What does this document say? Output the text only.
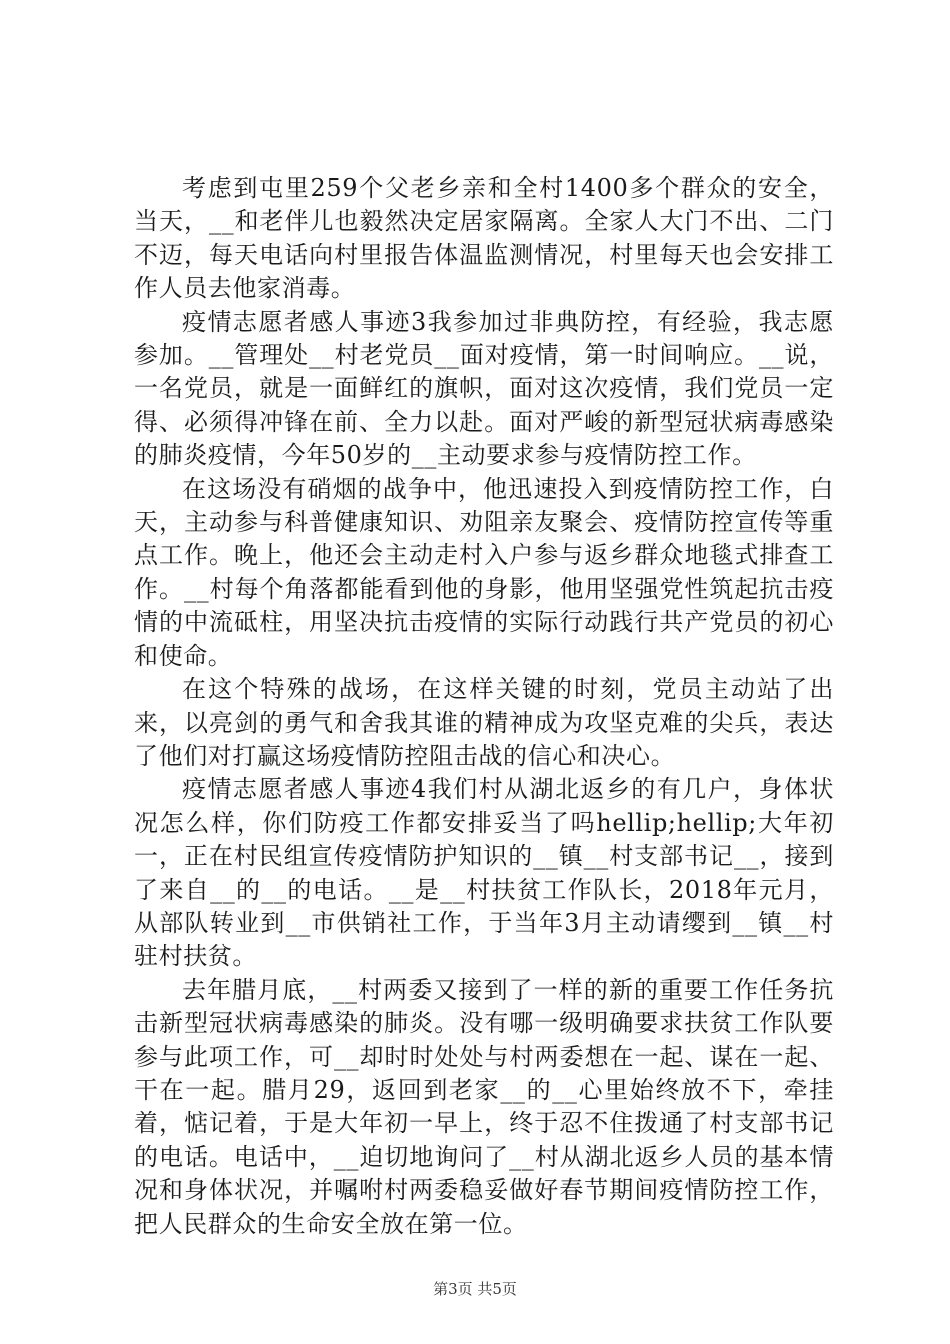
考虑到屯里259个父老乡亲和全村1400多个群众的安全，当天，__和老伴儿也毅然决定居家隔离。全家人大门不出、二门不迈，每天电话向村里报告体温监测情况，村里每天也会安排工作人员去他家消毒。

疫情志愿者感人事迹3我参加过非典防控，有经验，我志愿参加。__管理处__村老党员__面对疫情，第一时间响应。__说，一名党员，就是一面鲜红的旗帜，面对这次疫情，我们党员一定得、必须得冲锋在前、全力以赴。面对严峻的新型冠状病毒感染的肺炎疫情，今年50岁的__主动要求参与疫情防控工作。

在这场没有硝烟的战争中，他迅速投入到疫情防控工作，白天，主动参与科普健康知识、劝阻亲友聚会、疫情防控宣传等重点工作。晚上，他还会主动走村入户参与返乡群众地毯式排查工作。__村每个角落都能看到他的身影，他用坚强党性筑起抗击疫情的中流砥柱，用坚决抗击疫情的实际行动践行共产党员的初心和使命。

在这个特殊的战场，在这样关键的时刻，党员主动站了出来，以亮剑的勇气和舍我其谁的精神成为攻坚克难的尖兵，表达了他们对打赢这场疫情防控阻击战的信心和决心。

疫情志愿者感人事迹4我们村从湖北返乡的有几户，身体状况怎么样，你们防疫工作都安排妥当了吗hellip;hellip;大年初一，正在村民组宣传疫情防护知识的__镇__村支部书记__，接到了来自__的__的电话。__是__村扶贫工作队长，2018年元月，从部队转业到__市供销社工作，于当年3月主动请缨到__镇__村驻村扶贫。

去年腊月底，__村两委又接到了一样的新的重要工作任务抗击新型冠状病毒感染的肺炎。没有哪一级明确要求扶贫工作队要参与此项工作，可__却时时处处与村两委想在一起、谋在一起、干在一起。腊月29，返回到老家__的__心里始终放不下，牵挂着，惦记着，于是大年初一早上，终于忍不住拨通了村支部书记的电话。电话中，__迫切地询问了__村从湖北返乡人员的基本情况和身体状况，并嘱咐村两委稳妥做好春节期间疫情防控工作，把人民群众的生命安全放在第一位。

第3页 共5页
